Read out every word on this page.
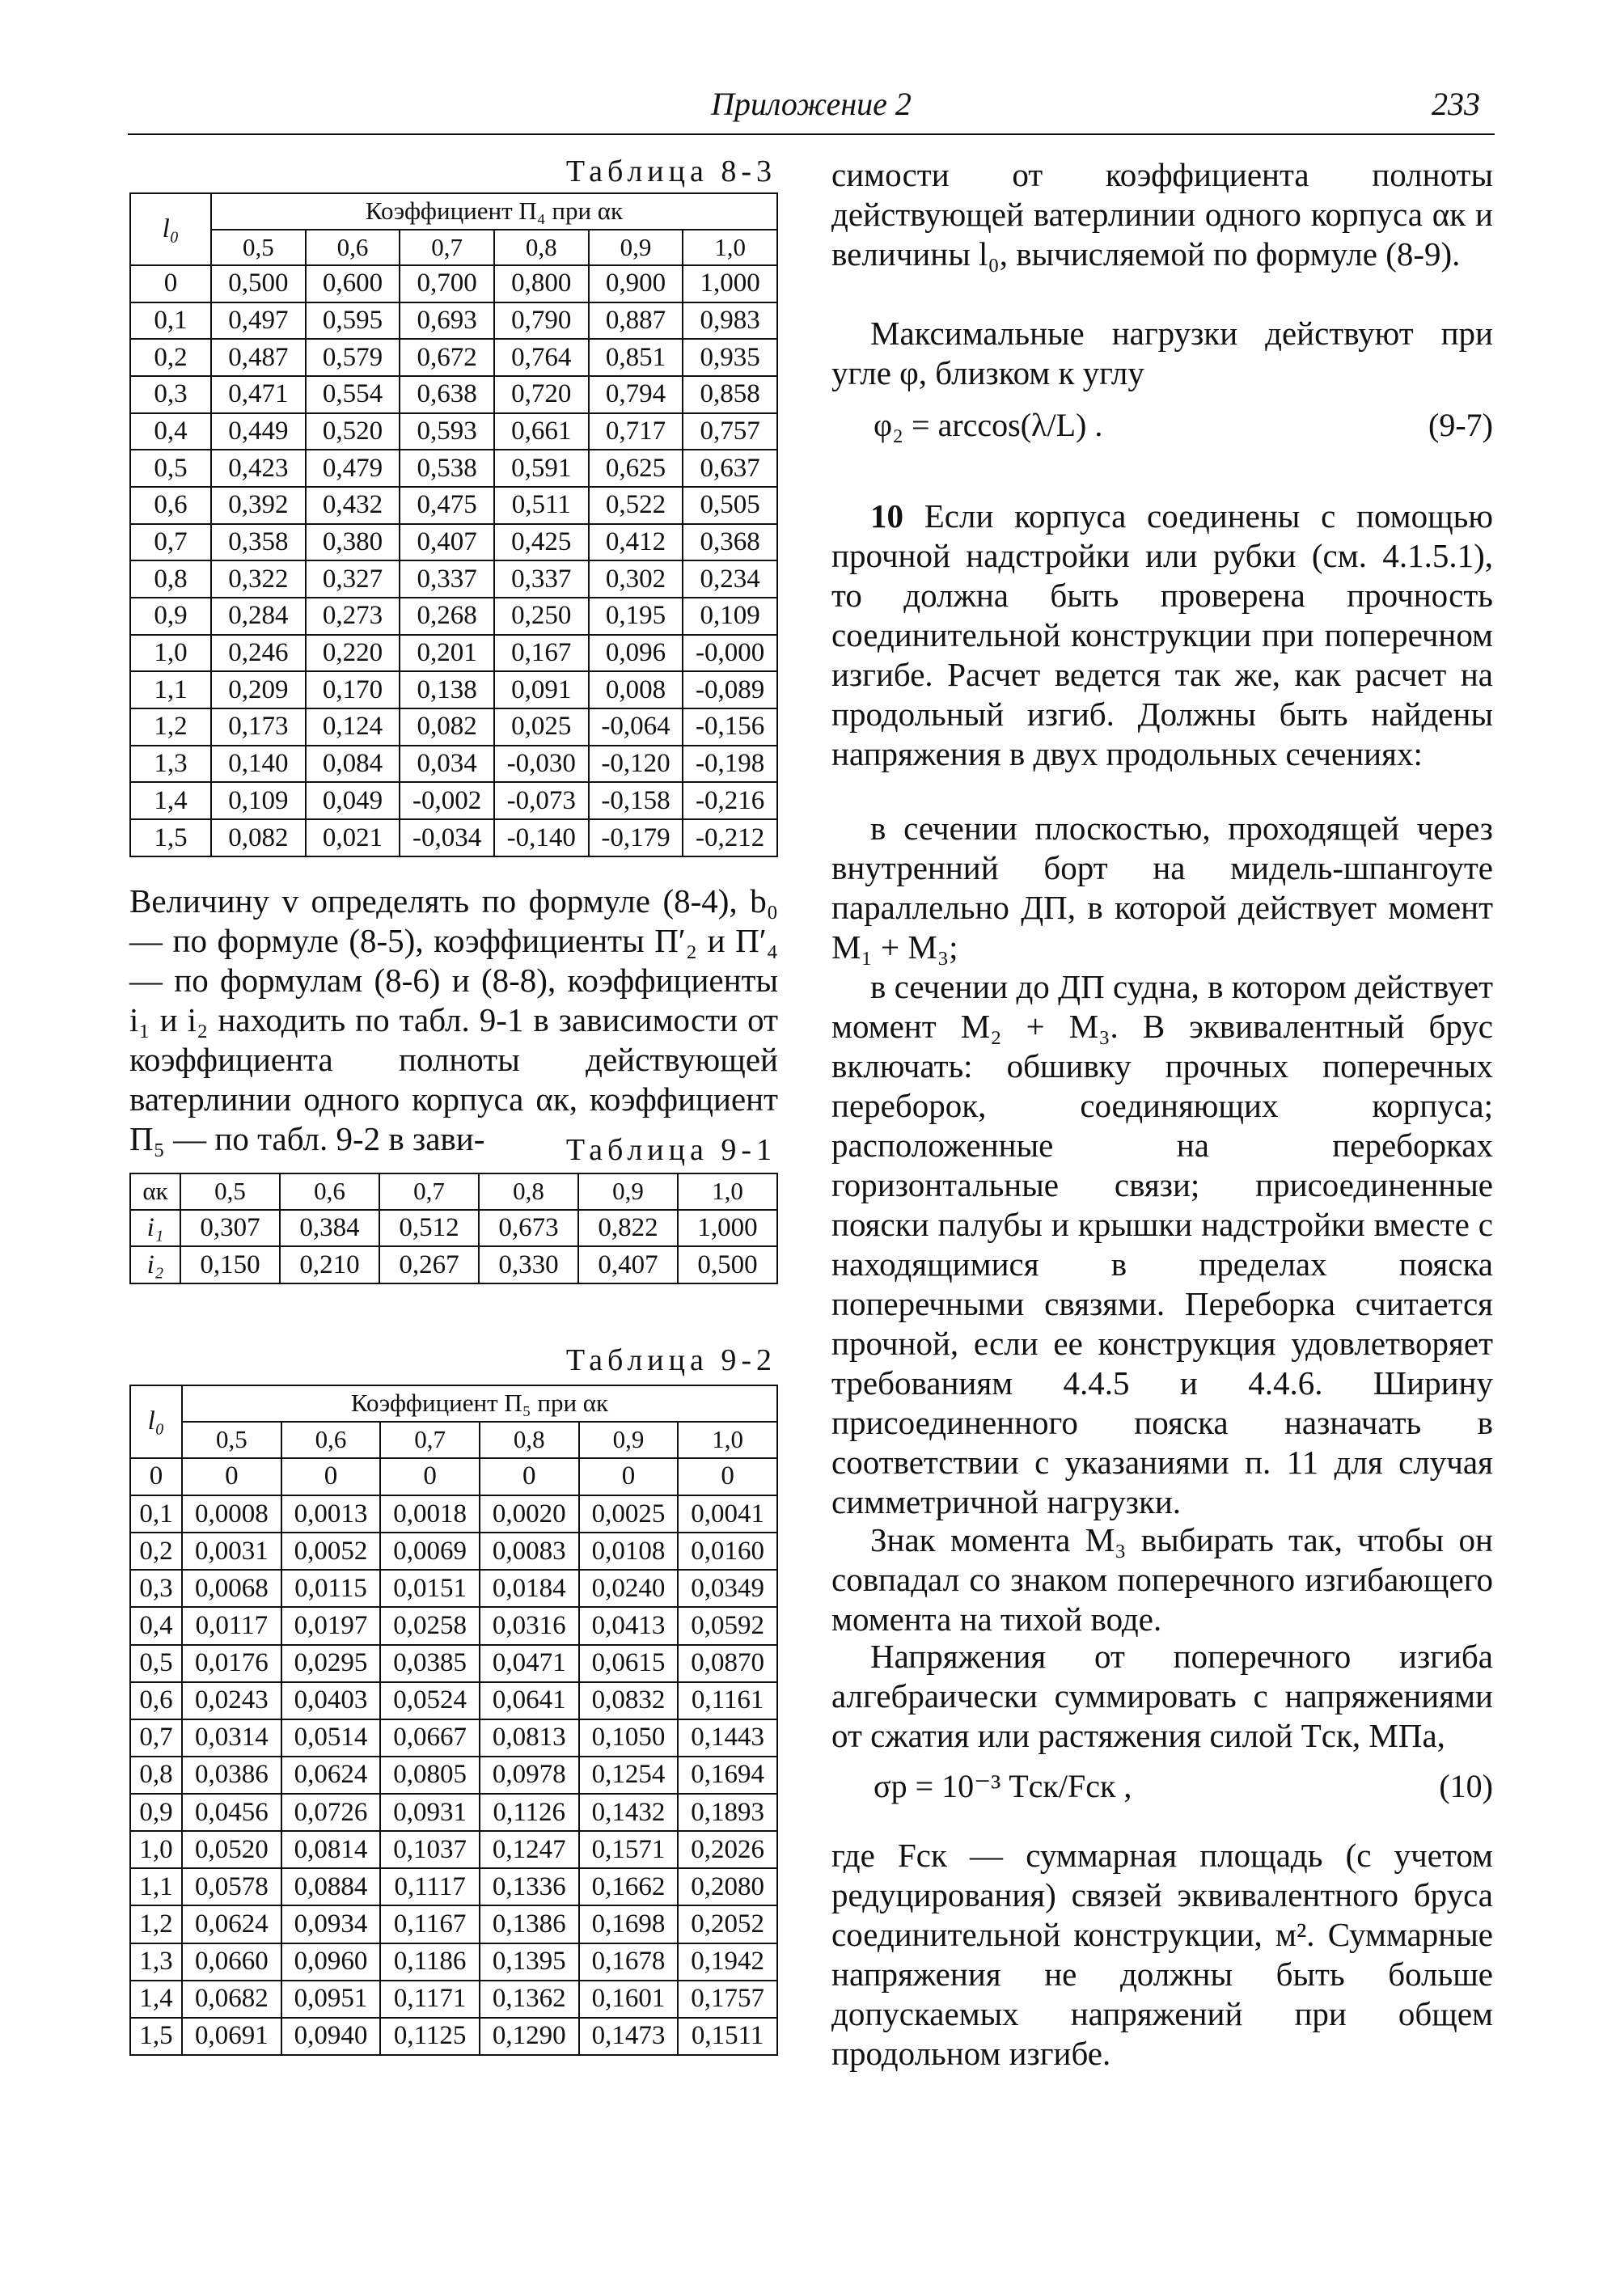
Приложение 2	233
Таблица 8-3
l₀	Коэффициент П₄ при αк					
	0,5	0,6	0,7	0,8	0,9	1,0
0	0,500	0,600	0,700	0,800	0,900	1,000
0,1	0,497	0,595	0,693	0,790	0,887	0,983
0,2	0,487	0,579	0,672	0,764	0,851	0,935
0,3	0,471	0,554	0,638	0,720	0,794	0,858
0,4	0,449	0,520	0,593	0,661	0,717	0,757
0,5	0,423	0,479	0,538	0,591	0,625	0,637
0,6	0,392	0,432	0,475	0,511	0,522	0,505
0,7	0,358	0,380	0,407	0,425	0,412	0,368
0,8	0,322	0,327	0,337	0,337	0,302	0,234
0,9	0,284	0,273	0,268	0,250	0,195	0,109
1,0	0,246	0,220	0,201	0,167	0,096	-0,000
1,1	0,209	0,170	0,138	0,091	0,008	-0,089
1,2	0,173	0,124	0,082	0,025	-0,064	-0,156
1,3	0,140	0,084	0,034	-0,030	-0,120	-0,198
1,4	0,109	0,049	-0,002	-0,073	-0,158	-0,216
1,5	0,082	0,021	-0,034	-0,140	-0,179	-0,212

Величину v определять по формуле (8-4), b₀ — по формуле (8-5), коэффициенты П′₂ и П′₄ — по формулам (8-6) и (8-8), коэффициенты i₁ и i₂ находить по табл. 9-1 в зависимости от коэффициента полноты действующей ватерлинии одного корпуса αк, коэффициент П₅ — по табл. 9-2 в зави-	Таблица 9-1
αк	0,5	0,6	0,7	0,8	0,9	1,0
i₁	0,307	0,384	0,512	0,673	0,822	1,000
i₂	0,150	0,210	0,267	0,330	0,407	0,500
Таблица 9-2
l₀	Коэффициент П₅ при αк					
	0,5	0,6	0,7	0,8	0,9	1,0
0	0	0	0	0	0	0
0,1	0,0008	0,0013	0,0018	0,0020	0,0025	0,0041
0,2	0,0031	0,0052	0,0069	0,0083	0,0108	0,0160
0,3	0,0068	0,0115	0,0151	0,0184	0,0240	0,0349
0,4	0,0117	0,0197	0,0258	0,0316	0,0413	0,0592
0,5	0,0176	0,0295	0,0385	0,0471	0,0615	0,0870
0,6	0,0243	0,0403	0,0524	0,0641	0,0832	0,1161
0,7	0,0314	0,0514	0,0667	0,0813	0,1050	0,1443
0,8	0,0386	0,0624	0,0805	0,0978	0,1254	0,1694
0,9	0,0456	0,0726	0,0931	0,1126	0,1432	0,1893
1,0	0,0520	0,0814	0,1037	0,1247	0,1571	0,2026
1,1	0,0578	0,0884	0,1117	0,1336	0,1662	0,2080
1,2	0,0624	0,0934	0,1167	0,1386	0,1698	0,2052
1,3	0,0660	0,0960	0,1186	0,1395	0,1678	0,1942
1,4	0,0682	0,0951	0,1171	0,1362	0,1601	0,1757
1,5	0,0691	0,0940	0,1125	0,1290	0,1473	0,1511

симости от коэффициента полноты действующей ватерлинии одного корпуса αк и величины l₀, вычисляемой по формуле (8-9).

Максимальные нагрузки действуют при угле φ, близком к углу

φ₂ = arccos(λ/L) .	(9-7)

10 Если корпуса соединены с помощью прочной надстройки или рубки (см. 4.1.5.1), то должна быть проверена прочность соединительной конструкции при поперечном изгибе. Расчет ведется так же, как расчет на продольный изгиб. Должны быть найдены напряжения в двух продольных сечениях:

в сечении плоскостью, проходящей через внутренний борт на мидель-шпангоуте параллельно ДП, в которой действует момент M₁ + M₃;

в сечении до ДП судна, в котором действует момент M₂ + M₃. В эквивалентный брус включать: обшивку прочных поперечных переборок, соединяющих корпуса; расположенные на переборках горизонтальные связи; присоединенные пояски палубы и крышки надстройки вместе с находящимися в пределах пояска поперечными связями. Переборка считается прочной, если ее конструкция удовлетворяет требованиям 4.4.5 и 4.4.6. Ширину присоединенного пояска назначать в соответствии с указаниями п. 11 для случая симметричной нагрузки.

Знак момента M₃ выбирать так, чтобы он совпадал со знаком поперечного изгибающего момента на тихой воде.

Напряжения от поперечного изгиба алгебраически суммировать с напряжениями от сжатия или растяжения силой Tск, МПа,

σр = 10⁻³ Tск/Fск ,	(10)

где Fск — суммарная площадь (с учетом редуцирования) связей эквивалентного бруса соединительной конструкции, м². Суммарные напряжения не должны быть больше допускаемых напряжений при общем продольном изгибе.
